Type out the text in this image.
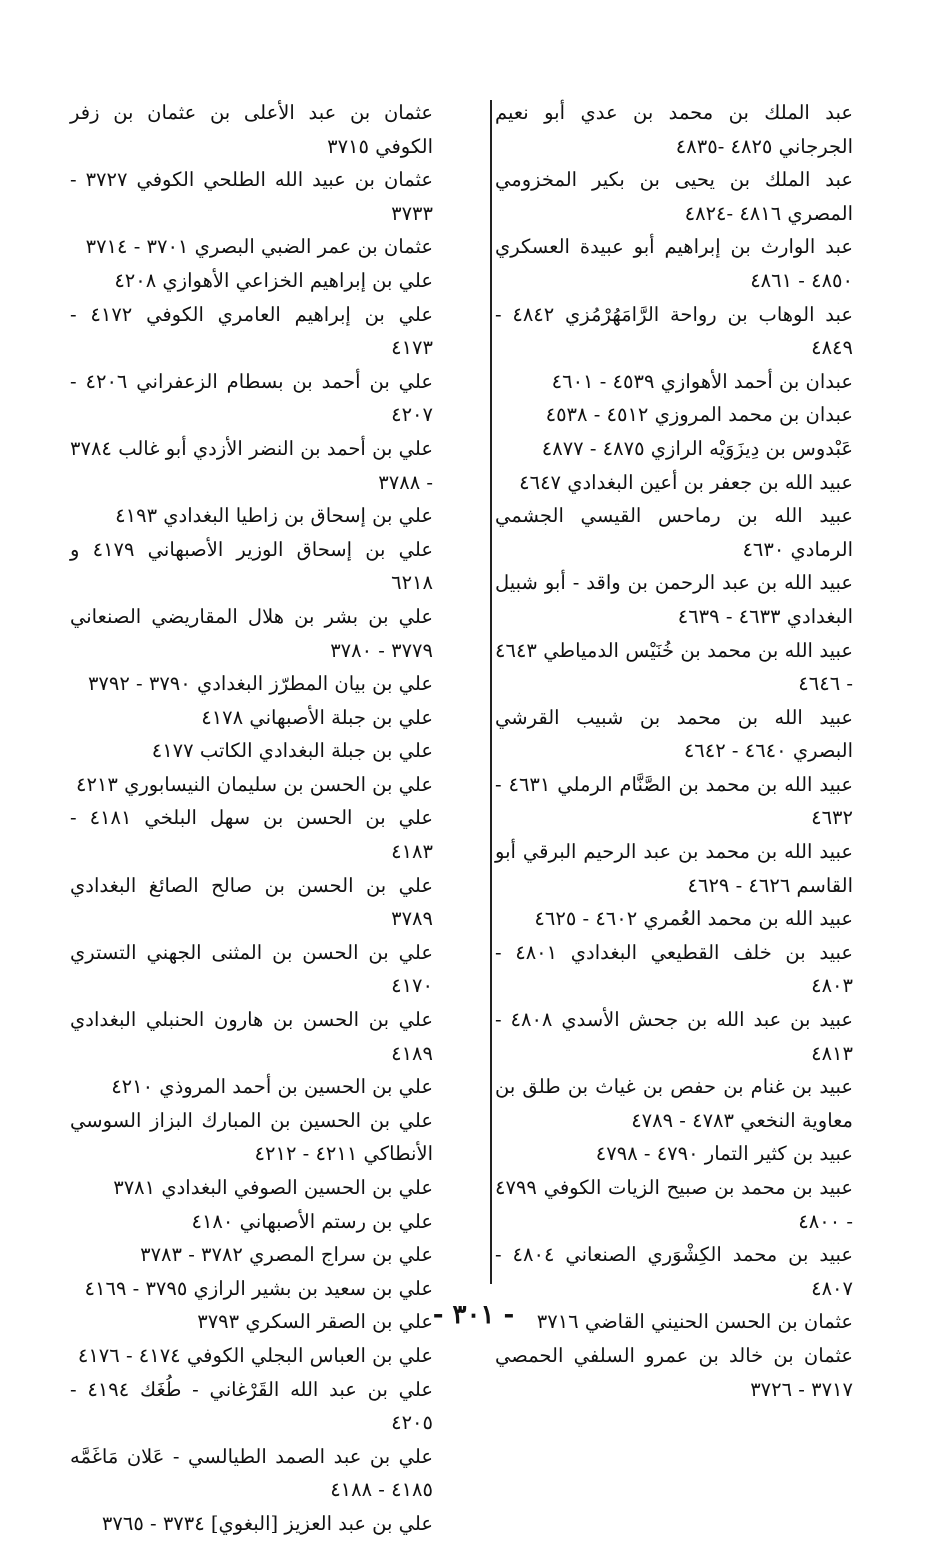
عبد الملك بن محمد بن عدي أبو نعيم الجرجاني ٤٨٢٥ -٤٨٣٥
عبد الملك بن يحيى بن بكير المخزومي المصري ٤٨١٦ -٤٨٢٤
عبد الوارث بن إبراهيم أبو عبيدة العسكري ٤٨٥٠ - ٤٨٦١
عبد الوهاب بن رواحة الرَّامَهُرْمُزي ٤٨٤٢ - ٤٨٤٩
عبدان بن أحمد الأهوازي ٤٥٣٩ - ٤٦٠١
عبدان بن محمد المروزي ٤٥١٢ - ٤٥٣٨
عَبْدوس بن دِيزَوَيْه الرازي ٤٨٧٥ - ٤٨٧٧
عبيد الله بن جعفر بن أعين البغدادي ٤٦٤٧
عبيد الله بن رماحس القيسي الجشمي الرمادي ٤٦٣٠
عبيد الله بن عبد الرحمن بن واقد - أبو شبيل البغدادي ٤٦٣٣ - ٤٦٣٩
عبيد الله بن محمد بن خُنَيْس الدمياطي ٤٦٤٣ - ٤٦٤٦
عبيد الله بن محمد بن شبيب القرشي البصري ٤٦٤٠ - ٤٦٤٢
عبيد الله بن محمد بن الصَّنَّام الرملي ٤٦٣١ - ٤٦٣٢
عبيد الله بن محمد بن عبد الرحيم البرقي أبو القاسم ٤٦٢٦ - ٤٦٢٩
عبيد الله بن محمد العُمري ٤٦٠٢ - ٤٦٢٥
عبيد بن خلف القطيعي البغدادي ٤٨٠١ - ٤٨٠٣
عبيد بن عبد الله بن جحش الأسدي ٤٨٠٨ - ٤٨١٣
عبيد بن غنام بن حفص بن غياث بن طلق بن معاوية النخعي ٤٧٨٣ - ٤٧٨٩
عبيد بن كثير التمار ٤٧٩٠ - ٤٧٩٨
عبيد بن محمد بن صبيح الزيات الكوفي ٤٧٩٩ - ٤٨٠٠
عبيد بن محمد الكِشْوَري الصنعاني ٤٨٠٤ - ٤٨٠٧
عثمان بن الحسن الحنيني القاضي ٣٧١٦
عثمان بن خالد بن عمرو السلفي الحمصي ٣٧١٧ - ٣٧٢٦
عثمان بن عبد الأعلى بن عثمان بن زفر الكوفي ٣٧١٥
عثمان بن عبيد الله الطلحي الكوفي ٣٧٢٧ - ٣٧٣٣
عثمان بن عمر الضبي البصري ٣٧٠١ - ٣٧١٤
علي بن إبراهيم الخزاعي الأهوازي ٤٢٠٨
علي بن إبراهيم العامري الكوفي ٤١٧٢ - ٤١٧٣
علي بن أحمد بن بسطام الزعفراني ٤٢٠٦ - ٤٢٠٧
علي بن أحمد بن النضر الأزدي أبو غالب ٣٧٨٤ - ٣٧٨٨
علي بن إسحاق بن زاطيا البغدادي ٤١٩٣
علي بن إسحاق الوزير الأصبهاني ٤١٧٩ و ٦٢١٨
علي بن بشر بن هلال المقاريضي الصنعاني ٣٧٧٩ - ٣٧٨٠
علي بن بيان المطرّز البغدادي ٣٧٩٠ - ٣٧٩٢
علي بن جبلة الأصبهاني ٤١٧٨
علي بن جبلة البغدادي الكاتب ٤١٧٧
علي بن الحسن بن سليمان النيسابوري ٤٢١٣
علي بن الحسن بن سهل البلخي ٤١٨١ - ٤١٨٣
علي بن الحسن بن صالح الصائغ البغدادي ٣٧٨٩
علي بن الحسن بن المثنى الجهني التستري ٤١٧٠
علي بن الحسن بن هارون الحنبلي البغدادي ٤١٨٩
علي بن الحسين بن أحمد المروذي ٤٢١٠
علي بن الحسين بن المبارك البزاز السوسي الأنطاكي ٤٢١١ - ٤٢١٢
علي بن الحسين الصوفي البغدادي ٣٧٨١
علي بن رستم الأصبهاني ٤١٨٠
علي بن سراج المصري ٣٧٨٢ - ٣٧٨٣
علي بن سعيد بن بشير الرازي ٣٧٩٥ - ٤١٦٩
علي بن الصقر السكري ٣٧٩٣
علي بن العباس البجلي الكوفي ٤١٧٤ - ٤١٧٦
علي بن عبد الله القَرْغاني - طُغَك ٤١٩٤ - ٤٢٠٥
علي بن عبد الصمد الطيالسي - عَلان مَاغَمَّه ٤١٨٥ - ٤١٨٨
علي بن عبد العزيز [البغوي] ٣٧٣٤ - ٣٧٦٥
- ٣٠١ -
